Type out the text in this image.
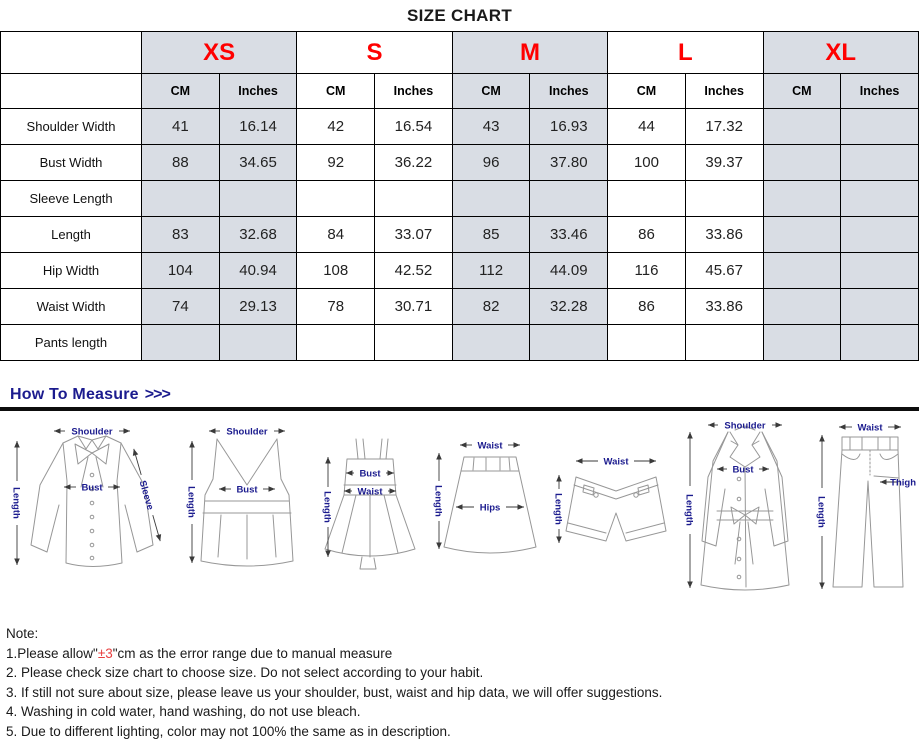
SIZE CHART
	XS		S		M		L		XL	
	CM	Inches	CM	Inches	CM	Inches	CM	Inches	CM	Inches
Shoulder Width	41	16.14	42	16.54	43	16.93	44	17.32		
Bust Width	88	34.65	92	36.22	96	37.80	100	39.37		
Sleeve Length										
Length	83	32.68	84	33.07	85	33.46	86	33.86		
Hip Width	104	40.94	108	42.52	112	44.09	116	45.67		
Waist Width	74	29.13	78	30.71	82	32.28	86	33.86		
Pants length										
How To Measure >>>
Shoulder
Bust	Sleeve
Length
Shoulder
Bust
Length
Bust
Waist
Length
Waist
Hips
Length
Waist
Length
Shoulder
Bust
Length
Waist
Thigh
Length
Note:
1.Please allow"±3"cm as the error range due to manual measure
2. Please check size chart to choose size. Do not select according to your habit.
3. If still not sure about size, please leave us your shoulder, bust, waist and hip data, we will offer suggestions.
4. Washing in cold water, hand washing, do not use bleach.
5. Due to different lighting, color may not 100% the same as in description.
